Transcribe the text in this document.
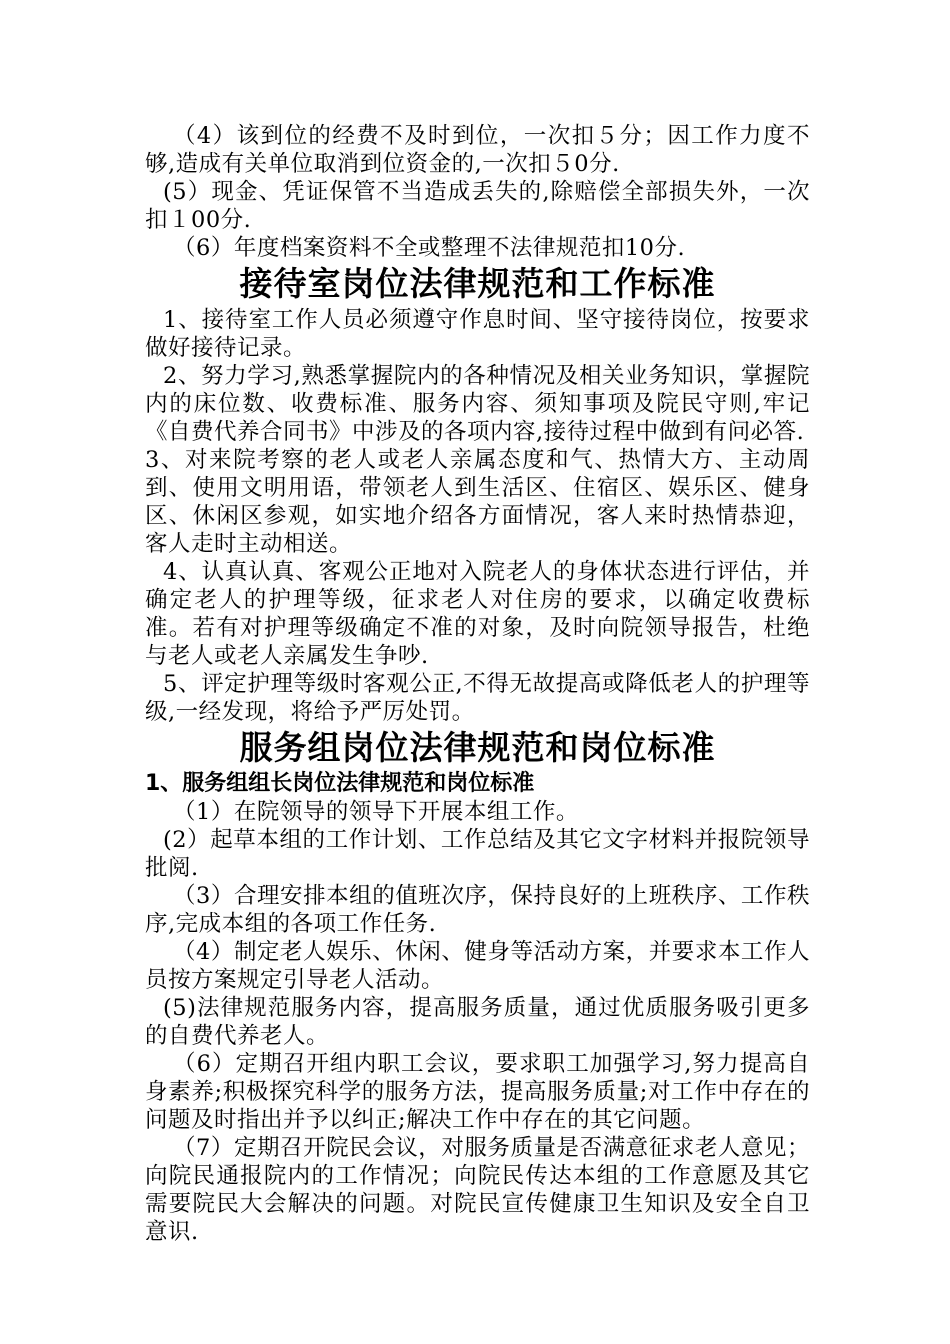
（4）该到位的经费不及时到位，一次扣５分；因工作力度不够,造成有关单位取消到位资金的,一次扣５0分.

(5）现金、凭证保管不当造成丢失的,除赔偿全部损失外，一次扣１00分.

（6）年度档案资料不全或整理不法律规范扣10分.

接待室岗位法律规范和工作标准

1、接待室工作人员必须遵守作息时间、坚守接待岗位，按要求做好接待记录。

2、努力学习,熟悉掌握院内的各种情况及相关业务知识，掌握院内的床位数、收费标准、服务内容、须知事项及院民守则,牢记《自费代养合同书》中涉及的各项内容,接待过程中做到有问必答.

3、对来院考察的老人或老人亲属态度和气、热情大方、主动周到、使用文明用语，带领老人到生活区、住宿区、娱乐区、健身区、休闲区参观，如实地介绍各方面情况，客人来时热情恭迎，客人走时主动相送。

4、认真认真、客观公正地对入院老人的身体状态进行评估，并确定老人的护理等级，征求老人对住房的要求，以确定收费标准。若有对护理等级确定不准的对象，及时向院领导报告，杜绝与老人或老人亲属发生争吵.

5、评定护理等级时客观公正,不得无故提高或降低老人的护理等级,一经发现，将给予严厉处罚。

服务组岗位法律规范和岗位标准

1、服务组组长岗位法律规范和岗位标准

（1）在院领导的领导下开展本组工作。

(2）起草本组的工作计划、工作总结及其它文字材料并报院领导批阅.

（3）合理安排本组的值班次序，保持良好的上班秩序、工作秩序,完成本组的各项工作任务.

（4）制定老人娱乐、休闲、健身等活动方案，并要求本工作人员按方案规定引导老人活动。

(5)法律规范服务内容，提高服务质量，通过优质服务吸引更多的自费代养老人。

（6）定期召开组内职工会议，要求职工加强学习,努力提高自身素养;积极探究科学的服务方法，提高服务质量;对工作中存在的问题及时指出并予以纠正;解决工作中存在的其它问题。

（7）定期召开院民会议，对服务质量是否满意征求老人意见；向院民通报院内的工作情况；向院民传达本组的工作意愿及其它需要院民大会解决的问题。对院民宣传健康卫生知识及安全自卫意识.
